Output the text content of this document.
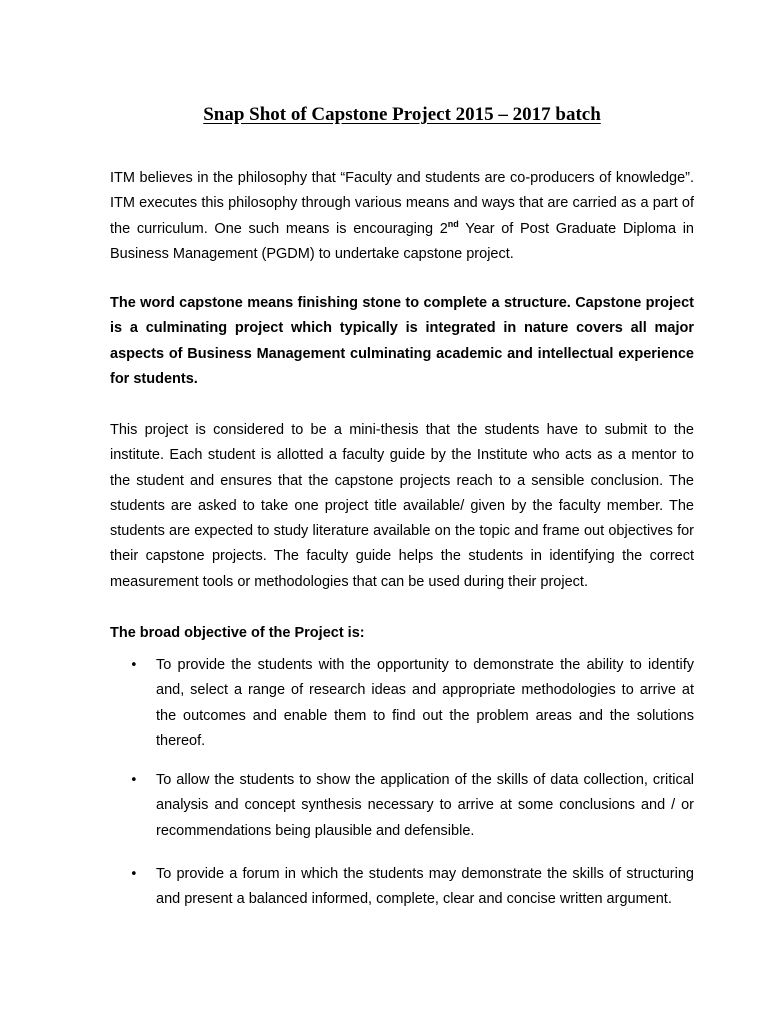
Snap Shot of Capstone Project 2015 – 2017 batch

ITM believes in the philosophy that “Faculty and students are co-producers of knowledge”. ITM executes this philosophy through various means and ways that are carried as a part of the curriculum. One such means is encouraging 2nd Year of Post Graduate Diploma in Business Management (PGDM) to undertake capstone project.

The word capstone means finishing stone to complete a structure. Capstone project is a culminating project which typically is integrated in nature covers all major aspects of Business Management culminating academic and intellectual experience for students.

This project is considered to be a mini-thesis that the students have to submit to the institute. Each student is allotted a faculty guide by the Institute who acts as a mentor to the student and ensures that the capstone projects reach to a sensible conclusion. The students are asked to take one project title available/ given by the faculty member. The students are expected to study literature available on the topic and frame out objectives for their capstone projects. The faculty guide helps the students in identifying the correct measurement tools or methodologies that can be used during their project.

The broad objective of the Project is:

• To provide the students with the opportunity to demonstrate the ability to identify and, select a range of research ideas and appropriate methodologies to arrive at the outcomes and enable them to find out the problem areas and the solutions thereof.

• To allow the students to show the application of the skills of data collection, critical analysis and concept synthesis necessary to arrive at some conclusions and / or recommendations being plausible and defensible.

• To provide a forum in which the students may demonstrate the skills of structuring and present a balanced informed, complete, clear and concise written argument.
